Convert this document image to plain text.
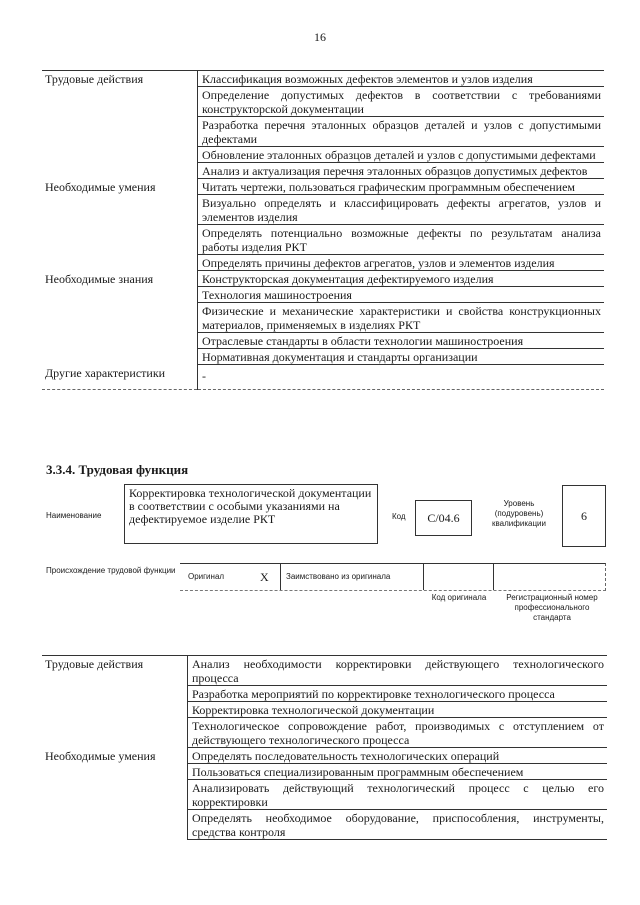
16
Трудовые действия	Классификация возможных дефектов элементов и узлов изделия
	Определение допустимых дефектов в соответствии с требованиями конструкторской документации
	Разработка перечня эталонных образцов деталей и узлов с допустимыми дефектами
	Обновление эталонных образцов деталей и узлов с допустимыми дефектами
	Анализ и актуализация перечня эталонных образцов допустимых дефектов
Необходимые умения	Читать чертежи, пользоваться графическим программным обеспечением
	Визуально определять и классифицировать дефекты агрегатов, узлов и элементов изделия
	Определять потенциально возможные дефекты по результатам анализа работы изделия РКТ
	Определять причины дефектов агрегатов, узлов и элементов изделия
Необходимые знания	Конструкторская документация дефектируемого изделия
	Технология машиностроения
	Физические и механические характеристики и свойства конструкционных материалов, применяемых в изделиях РКТ
	Отраслевые стандарты в области технологии машиностроения
	Нормативная документация и стандарты организации
Другие характеристики	-
3.3.4. Трудовая функция
Наименование
Корректировка технологической документации в соответствии с особыми указаниями на дефектируемое изделие РКТ	Код	С/04.6
Уровень (подуровень) квалификации
6
Происхождение трудовой функции
Оригинал	X Заимствовано из оригинала
Код оригинала	Регистрационный номер профессионального стандарта
Трудовые действия	Анализ необходимости корректировки действующего технологического процесса
	Разработка мероприятий по корректировке технологического процесса
	Корректировка технологической документации
	Технологическое сопровождение работ, производимых с отступлением от действующего технологического процесса
Необходимые умения	Определять последовательность технологических операций
	Пользоваться специализированным программным обеспечением
	Анализировать действующий технологический процесс с целью его корректировки
	Определять необходимое оборудование, приспособления, инструменты, средства контроля
